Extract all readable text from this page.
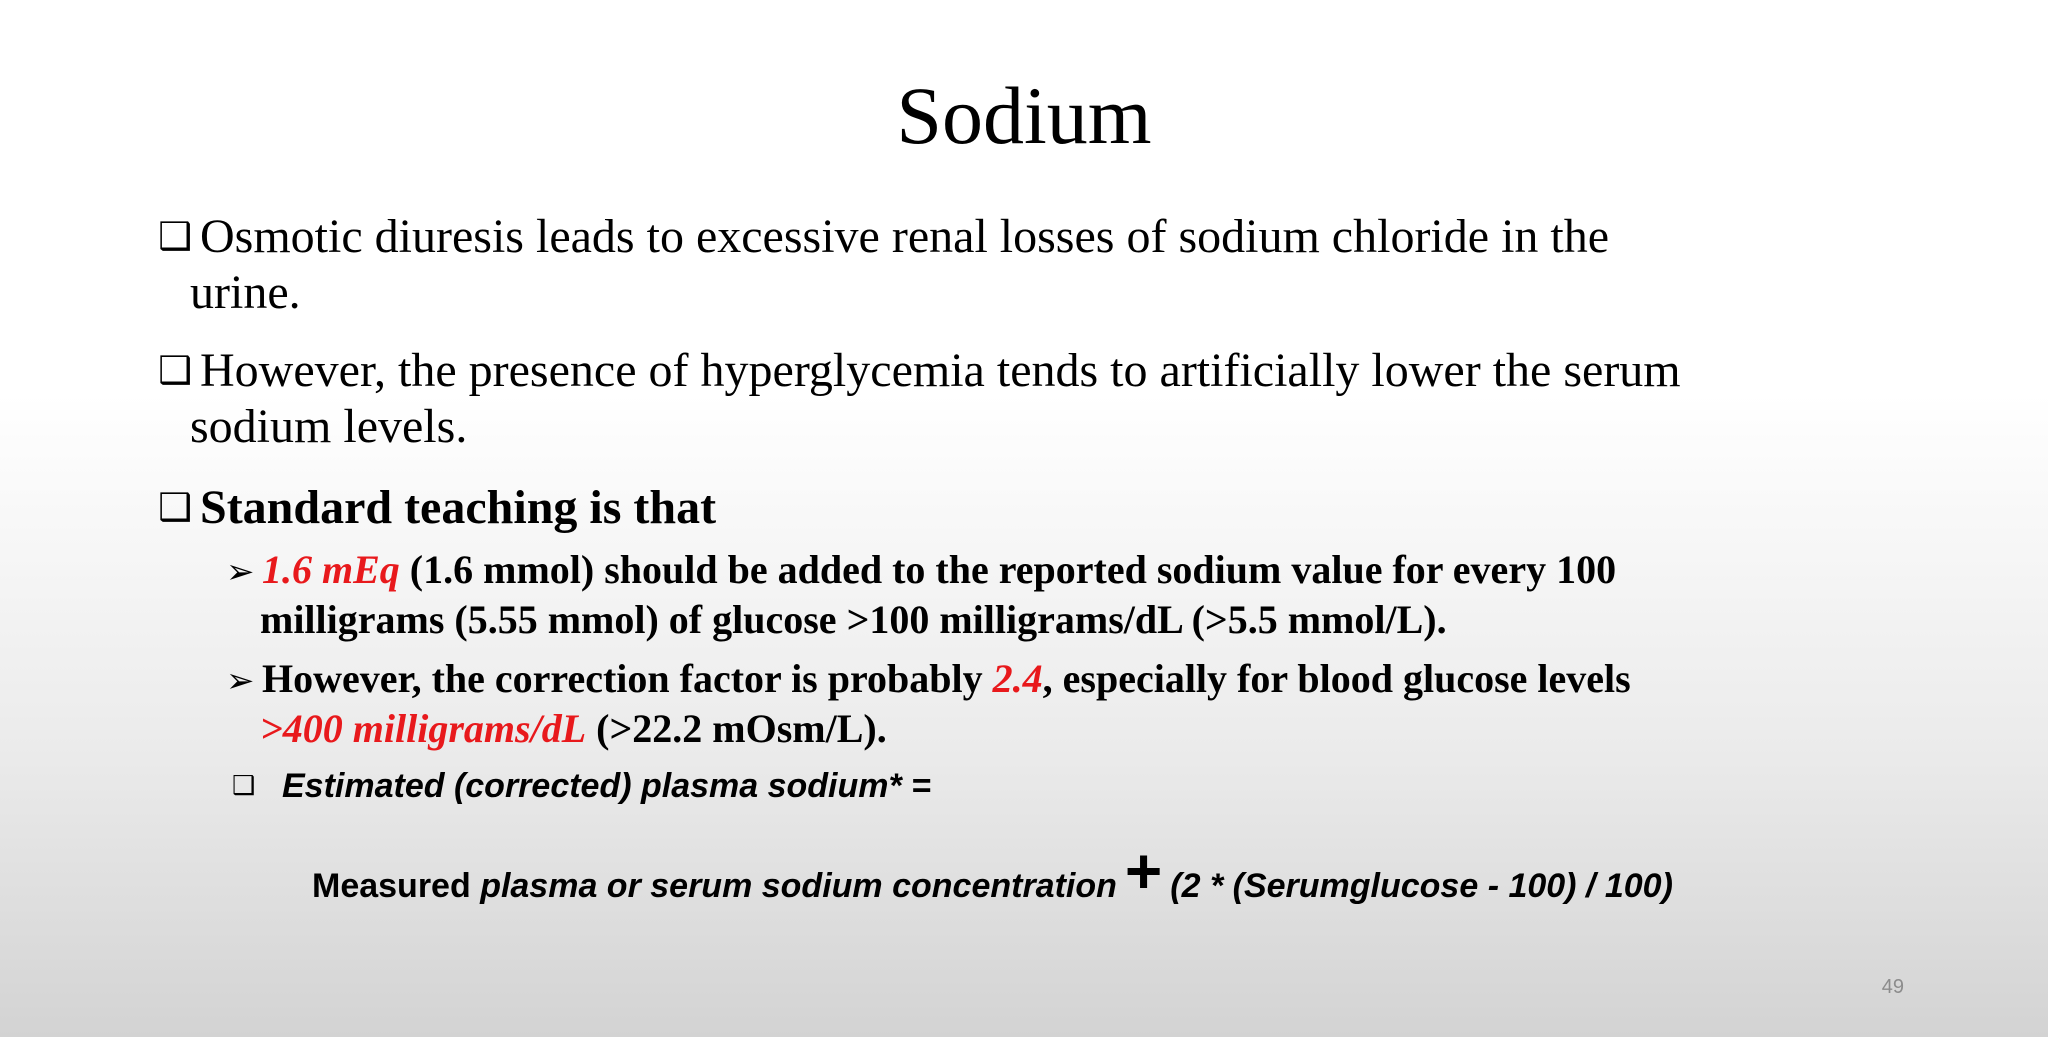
Sodium
❑ Osmotic diuresis leads to excessive renal losses of sodium chloride in the
urine.
❑ However, the presence of hyperglycemia tends to artificially lower the serum
sodium levels.
❑ Standard teaching is that
➢ 1.6 mEq (1.6 mmol) should be added to the reported sodium value for every 100
milligrams (5.55 mmol) of glucose >100 milligrams/dL (>5.5 mmol/L).
➢ However, the correction factor is probably 2.4, especially for blood glucose levels
>400 milligrams/dL (>22.2 mOsm/L).
❑ Estimated (corrected) plasma sodium* =
Measured plasma or serum sodium concentration + (2 * (Serumglucose - 100) / 100)
49
